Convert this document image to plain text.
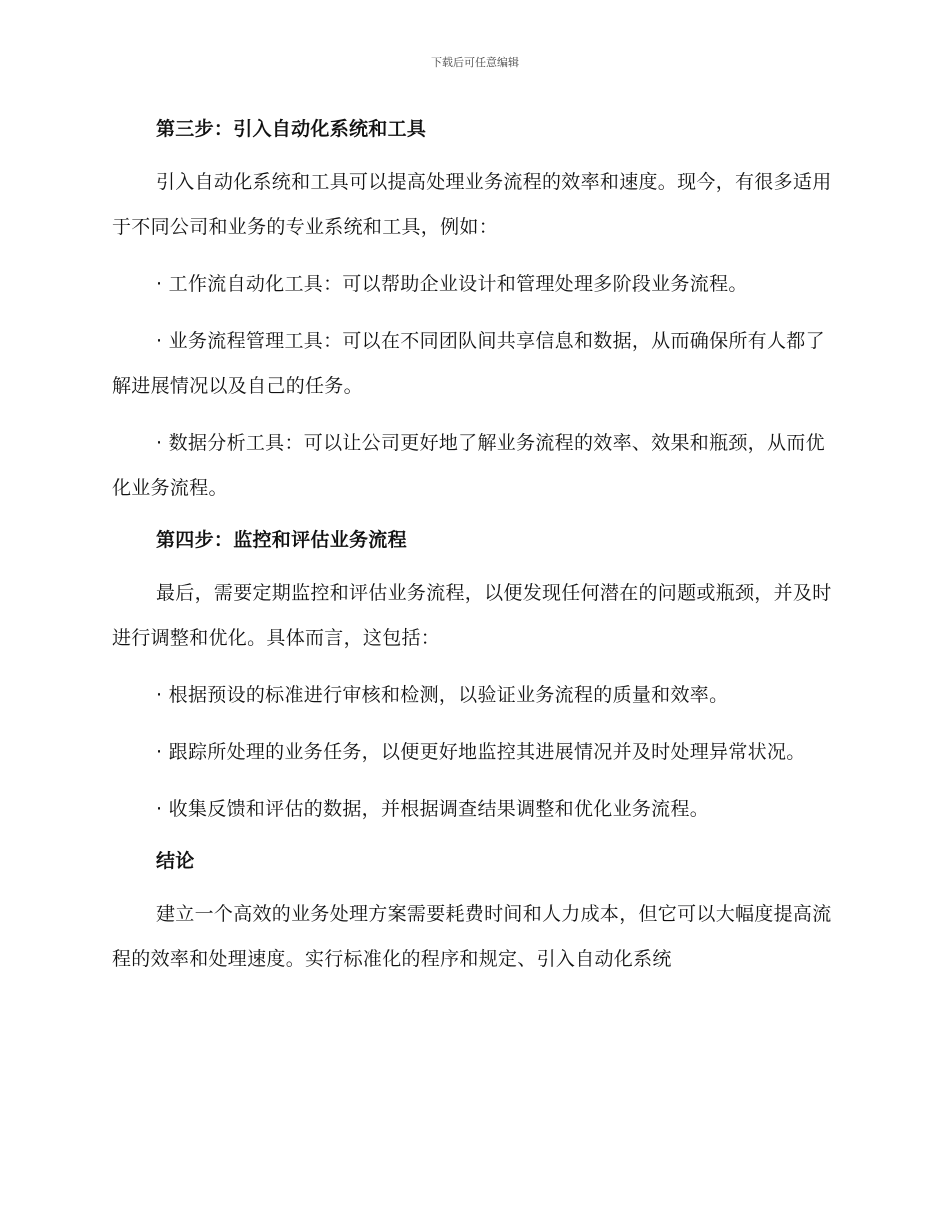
下载后可任意编辑
第三步：引入自动化系统和工具

引入自动化系统和工具可以提高处理业务流程的效率和速度。现今，有很多适用于不同公司和业务的专业系统和工具，例如：

· 工作流自动化工具：可以帮助企业设计和管理处理多阶段业务流程。

· 业务流程管理工具：可以在不同团队间共享信息和数据，从而确保所有人都了解进展情况以及自己的任务。

· 数据分析工具：可以让公司更好地了解业务流程的效率、效果和瓶颈，从而优化业务流程。

第四步：监控和评估业务流程

最后，需要定期监控和评估业务流程，以便发现任何潜在的问题或瓶颈，并及时进行调整和优化。具体而言，这包括：

· 根据预设的标准进行审核和检测，以验证业务流程的质量和效率。

· 跟踪所处理的业务任务，以便更好地监控其进展情况并及时处理异常状况。

· 收集反馈和评估的数据，并根据调查结果调整和优化业务流程。

结论

建立一个高效的业务处理方案需要耗费时间和人力成本，但它可以大幅度提高流程的效率和处理速度。实行标准化的程序和规定、引入自动化系统
